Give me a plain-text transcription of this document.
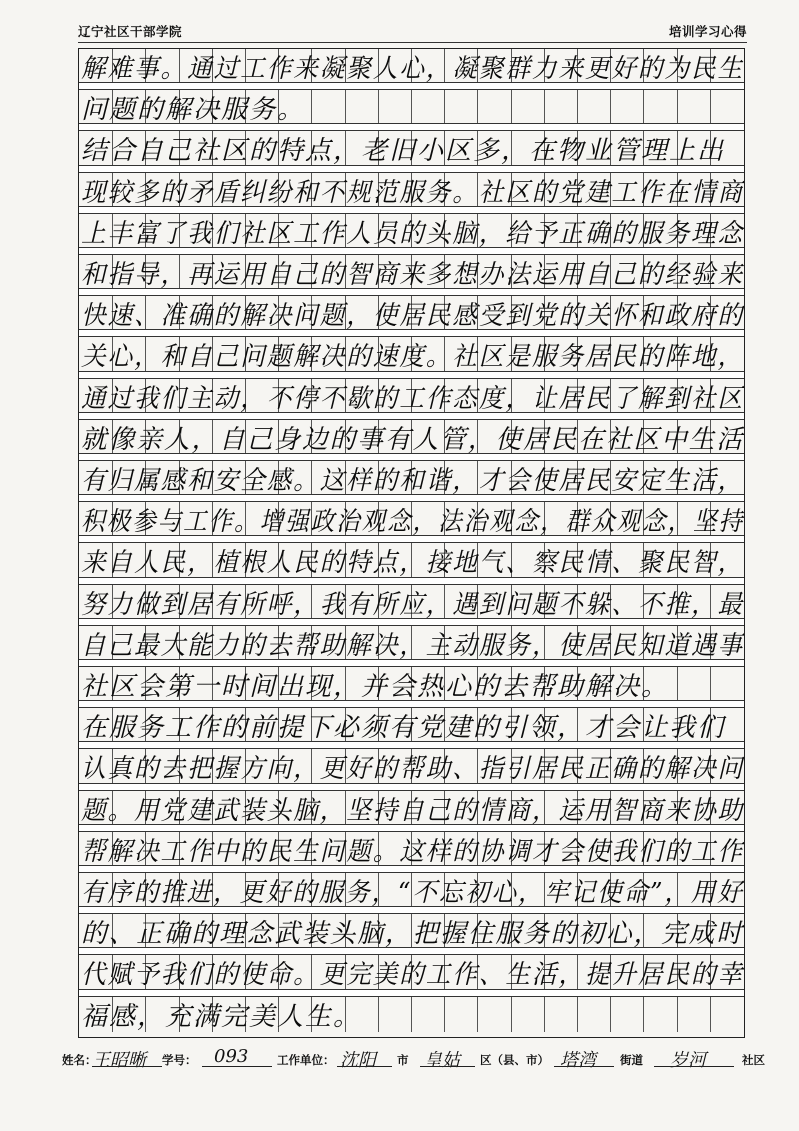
辽宁社区干部学院	培训学习心得
解难事。通过工作来凝聚人心，凝聚群力来更好的为民生
问题的解决服务。
结合自己社区的特点，老旧小区多，在物业管理上出
现较多的矛盾纠纷和不规范服务。社区的党建工作在情商
上丰富了我们社区工作人员的头脑，给予正确的服务理念
和指导，再运用自己的智商来多想办法运用自己的经验来
快速、准确的解决问题，使居民感受到党的关怀和政府的
关心，和自己问题解决的速度。社区是服务居民的阵地，
通过我们主动，不停不歇的工作态度，让居民了解到社区
就像亲人，自己身边的事有人管，使居民在社区中生活
有归属感和安全感。这样的和谐，才会使居民安定生活，
积极参与工作。增强政治观念，法治观念，群众观念，坚持
来自人民，植根人民的特点，接地气、察民情、聚民智，
努力做到居有所呼，我有所应，遇到问题不躲、不推，最
自己最大能力的去帮助解决，主动服务，使居民知道遇事
社区会第一时间出现，并会热心的去帮助解决。
在服务工作的前提下必须有党建的引领，才会让我们
认真的去把握方向，更好的帮助、指引居民正确的解决问
题。用党建武装头脑，坚持自己的情商，运用智商来协助
帮解决工作中的民生问题。这样的协调才会使我们的工作
有序的推进，更好的服务，“不忘初心，牢记使命”，用好
的、正确的理念武装头脑，把握住服务的初心，完成时
代赋予我们的使命。更完美的工作、生活，提升居民的幸
福感，充满完美人生。
姓名：
王昭晰 学号： 093 工作单位： 沈阳 市 皇姑 区（县、市） 塔湾 街道 岁河	社区
